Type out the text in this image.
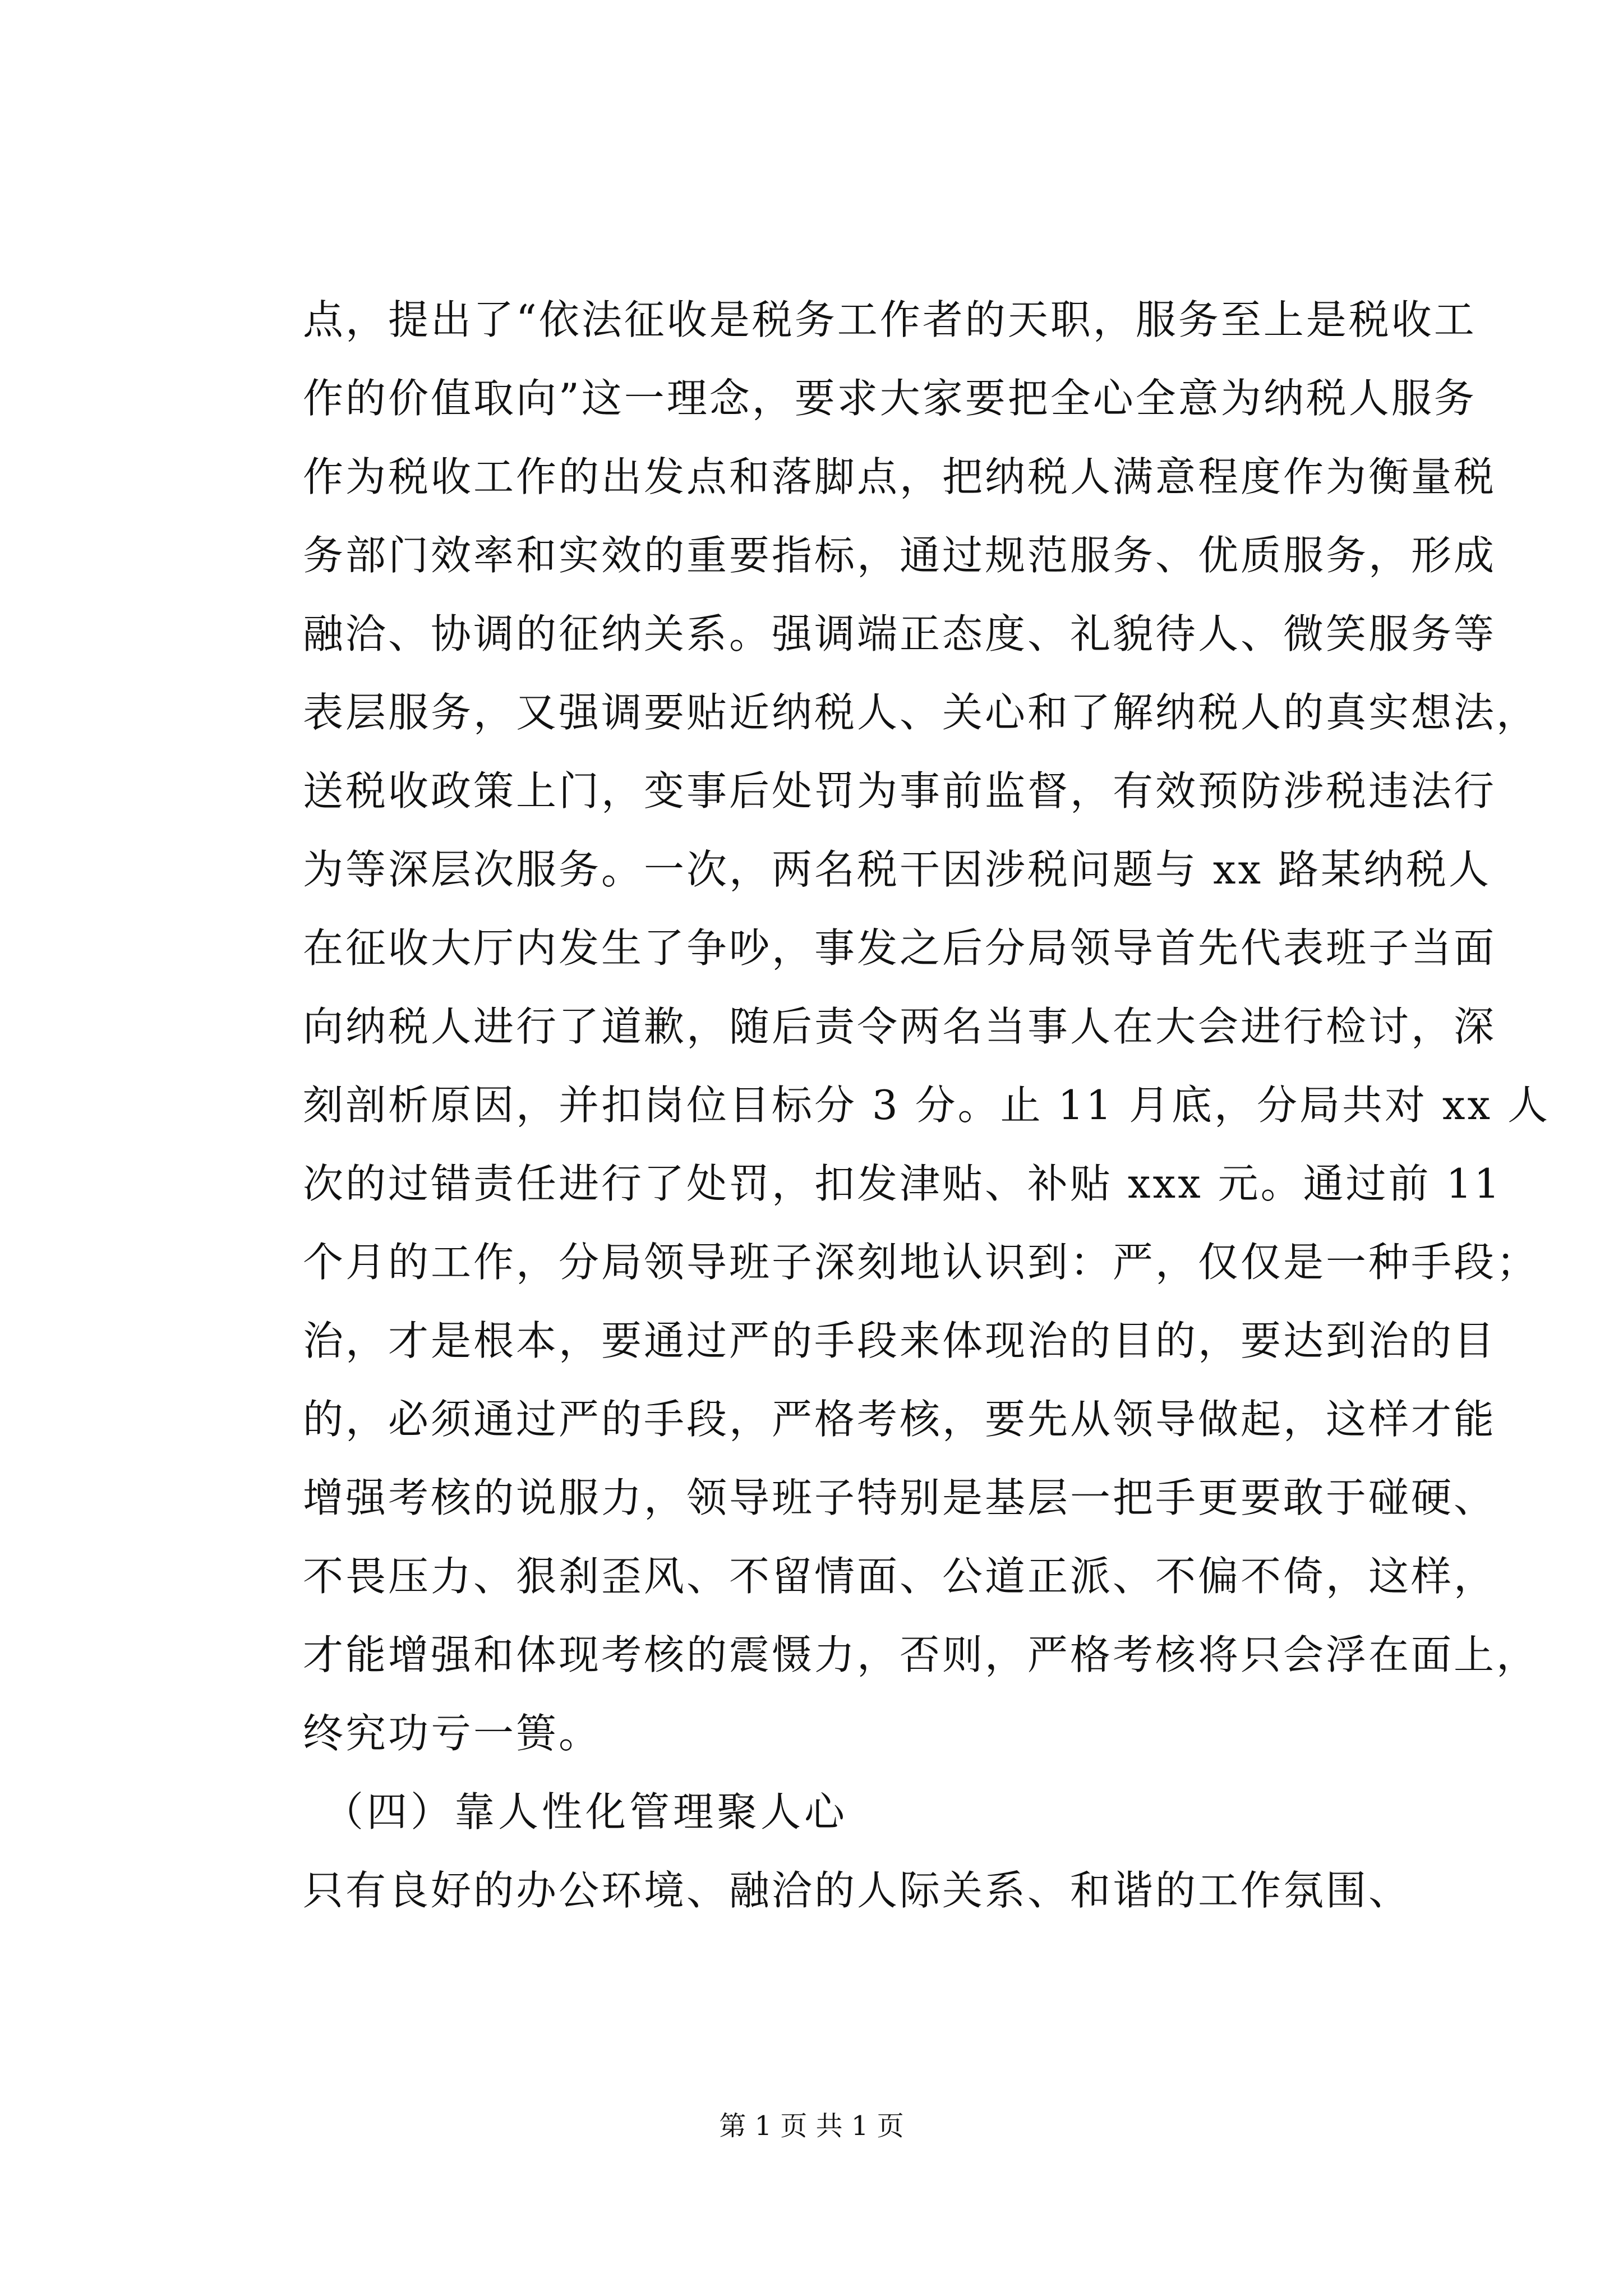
点，提出了“依法征收是税务工作者的天职，服务至上是税收工
作的价值取向”这一理念，要求大家要把全心全意为纳税人服务
作为税收工作的出发点和落脚点，把纳税人满意程度作为衡量税
务部门效率和实效的重要指标，通过规范服务、优质服务，形成
融洽、协调的征纳关系。强调端正态度、礼貌待人、微笑服务等
表层服务，又强调要贴近纳税人、关心和了解纳税人的真实想法，
送税收政策上门，变事后处罚为事前监督，有效预防涉税违法行
为等深层次服务。一次，两名税干因涉税问题与 xx 路某纳税人
在征收大厅内发生了争吵，事发之后分局领导首先代表班子当面
向纳税人进行了道歉，随后责令两名当事人在大会进行检讨，深
刻剖析原因，并扣岗位目标分 3 分。止 11 月底，分局共对 xx 人
次的过错责任进行了处罚，扣发津贴、补贴 xxx 元。通过前 11
个月的工作，分局领导班子深刻地认识到：严，仅仅是一种手段；
治，才是根本，要通过严的手段来体现治的目的，要达到治的目
的，必须通过严的手段，严格考核，要先从领导做起，这样才能
增强考核的说服力，领导班子特别是基层一把手更要敢于碰硬、
不畏压力、狠刹歪风、不留情面、公道正派、不偏不倚，这样，
才能增强和体现考核的震慑力，否则，严格考核将只会浮在面上，
终究功亏一篑。
（四）靠人性化管理聚人心
只有良好的办公环境、融洽的人际关系、和谐的工作氛围、
第 1 页 共 1 页
